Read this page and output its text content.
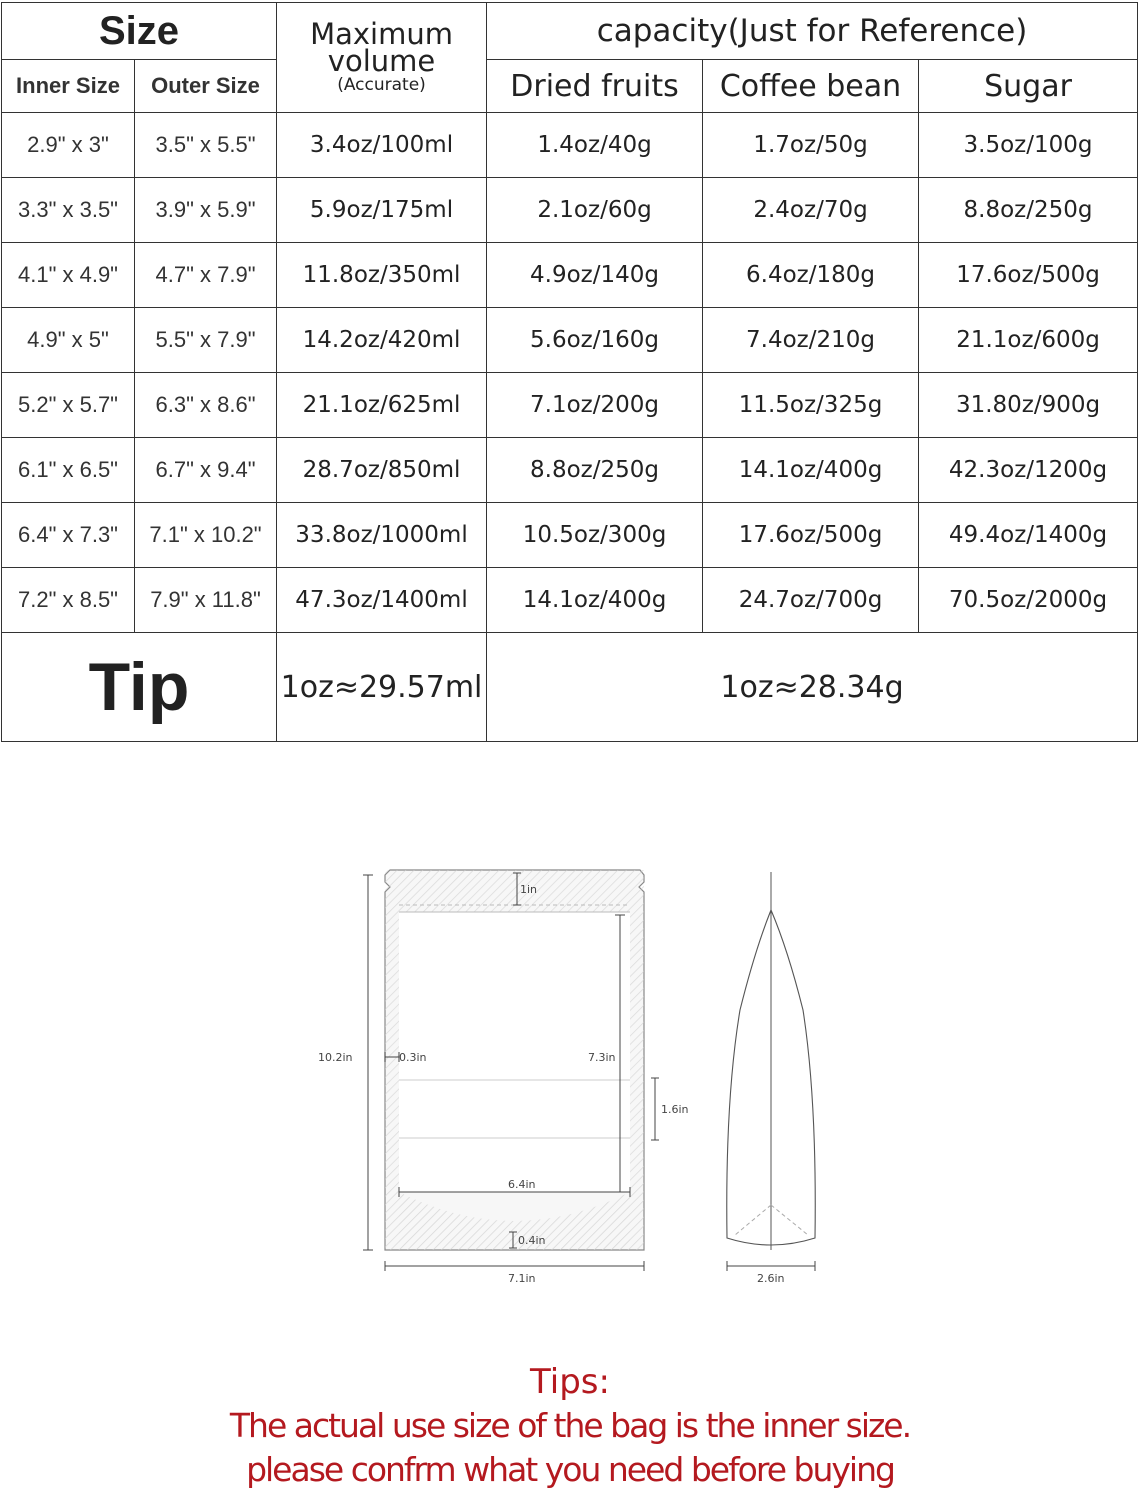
Size		Maximum
volume
(Accurate)	capacity(Just for Reference)		
Inner Size	Outer Size		Dried fruits	Coffee bean	Sugar
2.9" x 3"	3.5" x 5.5"	3.4oz/100ml	1.4oz/40g	1.7oz/50g	3.5oz/100g
3.3" x 3.5"	3.9" x 5.9"	5.9oz/175ml	2.1oz/60g	2.4oz/70g	8.8oz/250g
4.1" x 4.9"	4.7" x 7.9"	11.8oz/350ml	4.9oz/140g	6.4oz/180g	17.6oz/500g
4.9" x 5"	5.5" x 7.9"	14.2oz/420ml	5.6oz/160g	7.4oz/210g	21.1oz/600g
5.2" x 5.7"	6.3" x 8.6"	21.1oz/625ml	7.1oz/200g	11.5oz/325g	31.80z/900g
6.1" x 6.5"	6.7" x 9.4"	28.7oz/850ml	8.8oz/250g	14.1oz/400g	42.3oz/1200g
6.4" x 7.3"	7.1" x 10.2"	33.8oz/1000ml	10.5oz/300g	17.6oz/500g	49.4oz/1400g
7.2" x 8.5"	7.9" x 11.8"	47.3oz/1400ml	14.1oz/400g	24.7oz/700g	70.5oz/2000g
Tip		1oz≈29.57ml	1oz≈28.34g		
10.2in
1in
0.3in	7.3in
1.6in
6.4in
0.4in
7.1in	2.6in
Tips:
The actual use size of the bag is the inner size.
please confrm what you need before buying
